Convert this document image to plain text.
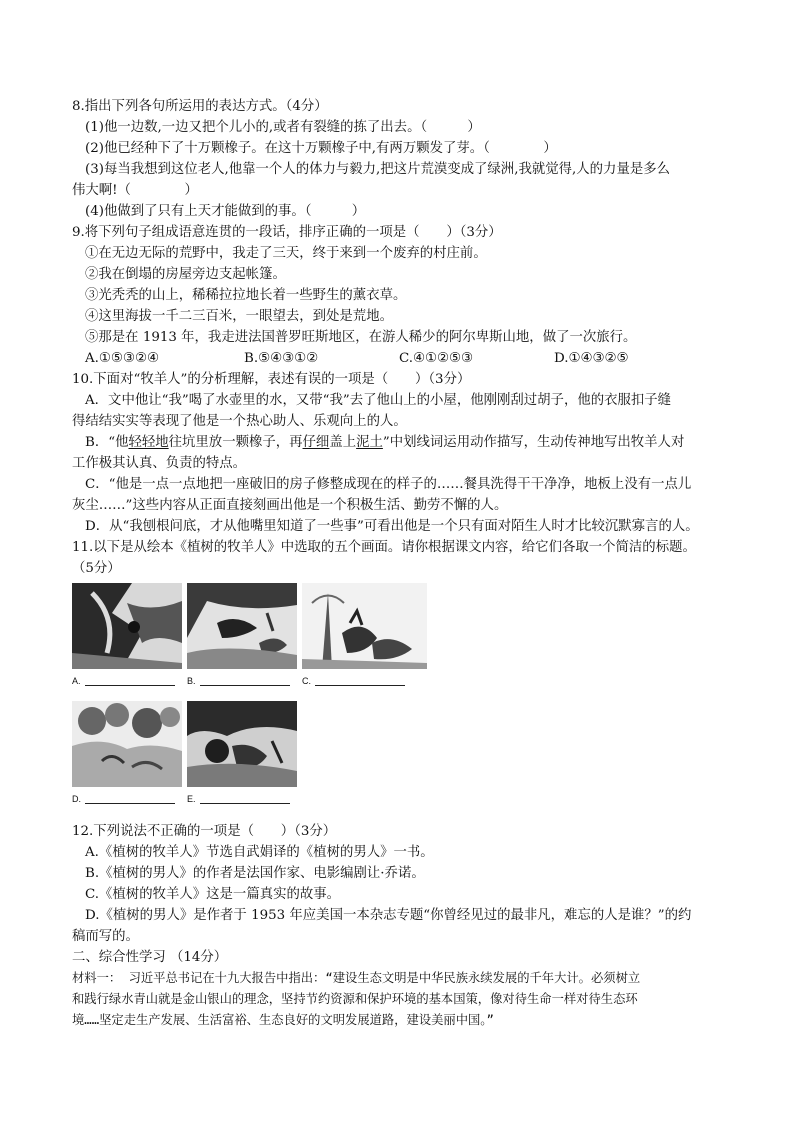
8.指出下列各句所运用的表达方式。（4分）
(1)他一边数,一边又把个儿小的,或者有裂缝的拣了出去。（　　　）
(2)他已经种下了十万颗橡子。在这十万颗橡子中,有两万颗发了芽。（　　　　）
(3)每当我想到这位老人,他靠一个人的体力与毅力,把这片荒漠变成了绿洲,我就觉得,人的力量是多么
伟大啊!（　　　　）
(4)他做到了只有上天才能做到的事。（　　　）
9.将下列句子组成语意连贯的一段话，排序正确的一项是（　　）（3分）
①在无边无际的荒野中，我走了三天，终于来到一个废弃的村庄前。
②我在倒塌的房屋旁边支起帐篷。
③光秃秃的山上，稀稀拉拉地长着一些野生的薰衣草。
④这里海拔一千二三百米，一眼望去，到处是荒地。
⑤那是在 1913 年，我走进法国普罗旺斯地区，在游人稀少的阿尔卑斯山地，做了一次旅行。
A.①⑤③②④	B.⑤④③①②	C.④①②⑤③	D.①④③②⑤
10.下面对“牧羊人”的分析理解，表述有误的一项是（　　）（3分）
A．文中他让“我”喝了水壶里的水，又带“我”去了他山上的小屋，他刚刚刮过胡子，他的衣服扣子缝
得结结实实等表现了他是一个热心助人、乐观向上的人。
B．“他轻轻地往坑里放一颗橡子，再仔细盖上泥土”中划线词运用动作描写，生动传神地写出牧羊人对
工作极其认真、负责的特点。
C．“他是一点一点地把一座破旧的房子修整成现在的样子的……餐具洗得干干净净，地板上没有一点儿
灰尘……”这些内容从正面直接刻画出他是一个积极生活、勤劳不懈的人。
D．从“我刨根问底，才从他嘴里知道了一些事”可看出他是一个只有面对陌生人时才比较沉默寡言的人。
11.以下是从绘本《植树的牧羊人》中选取的五个画面。请你根据课文内容，给它们各取一个简洁的标题。
（5分）
A.	B.	C.
D.	E.
12.下列说法不正确的一项是（　　）（3分）
A.《植树的牧羊人》节选自武娟译的《植树的男人》一书。
B.《植树的男人》的作者是法国作家、电影编剧让·乔诺。
C.《植树的牧羊人》这是一篇真实的故事。
D.《植树的男人》是作者于 1953 年应美国一本杂志专题“你曾经见过的最非凡，难忘的人是谁？”的约
稿而写的。
二、综合性学习 （14分）
材料一： 习近平总书记在十九大报告中指出：“建设生态文明是中华民族永续发展的千年大计。必须树立
和践行绿水青山就是金山银山的理念，坚持节约资源和保护环境的基本国策，像对待生命一样对待生态环
境……坚定走生产发展、生活富裕、生态良好的文明发展道路，建设美丽中国。”
